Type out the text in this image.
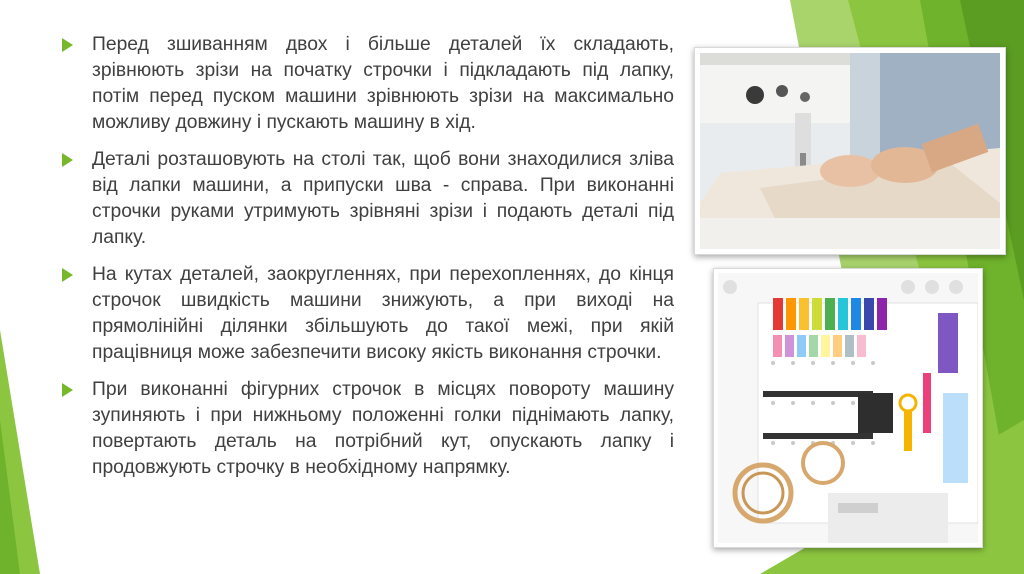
Перед зшиванням двох і більше деталей їх складають, зрівнюють зрізи на початку строчки і підкладають під лапку, потім перед пуском машини зрівнюють зрізи на максимально можливу довжину і пускають машину в хід.
Деталі розташовують на столі так, щоб вони знаходилися зліва від лапки машини, а припуски шва - справа. При виконанні строчки руками утримують зрівняні зрізи і подають деталі під лапку.
На кутах деталей, заокругленнях, при перехопленнях, до кінця строчок швидкість машини знижують, а при виході на прямолінійні ділянки збільшують до такої межі, при якій працівниця може забезпечити високу якість виконання строчки.
При виконанні фігурних строчок в місцях повороту машину зупиняють і при нижньому положенні голки піднімають лапку, повертають деталь на потрібний кут, опускають лапку і продовжують строчку в необхідному напрямку.
